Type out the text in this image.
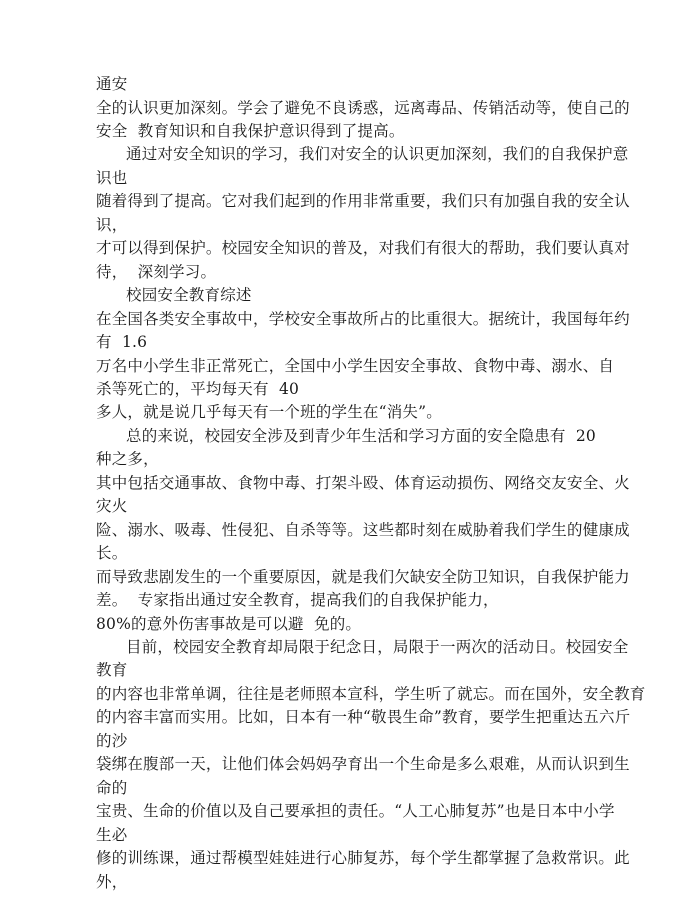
通安
全的认识更加深刻。学会了避免不良诱惑，远离毒品、传销活动等，使自己的
安全  教育知识和自我保护意识得到了提高。
通过对安全知识的学习，我们对安全的认识更加深刻，我们的自我保护意
识也
随着得到了提高。它对我们起到的作用非常重要，我们只有加强自我的安全认
识，
才可以得到保护。校园安全知识的普及，对我们有很大的帮助，我们要认真对
待，  深刻学习。
校园安全教育综述
在全国各类安全事故中，学校安全事故所占的比重很大。据统计，我国每年约
有  1.6
万名中小学生非正常死亡，全国中小学生因安全事故、食物中毒、溺水、自
杀等死亡的，平均每天有  40
多人，就是说几乎每天有一个班的学生在“消失”。
总的来说，校园安全涉及到青少年生活和学习方面的安全隐患有  20
种之多，
其中包括交通事故、食物中毒、打架斗殴、体育运动损伤、网络交友安全、火
灾火
险、溺水、吸毒、性侵犯、自杀等等。这些都时刻在威胁着我们学生的健康成
长。
而导致悲剧发生的一个重要原因，就是我们欠缺安全防卫知识，自我保护能力
差。  专家指出通过安全教育，提高我们的自我保护能力，
80%的意外伤害事故是可以避  免的。
目前，校园安全教育却局限于纪念日，局限于一两次的活动日。校园安全
教育
的内容也非常单调，往往是老师照本宣科，学生听了就忘。而在国外，安全教育
的内容丰富而实用。比如，日本有一种“敬畏生命”教育，要学生把重达五六斤
的沙
袋绑在腹部一天，让他们体会妈妈孕育出一个生命是多么艰难，从而认识到生
命的
宝贵、生命的价值以及自己要承担的责任。“人工心肺复苏”也是日本中小学
生必
修的训练课，通过帮模型娃娃进行心肺复苏，每个学生都掌握了急救常识。此
外，
